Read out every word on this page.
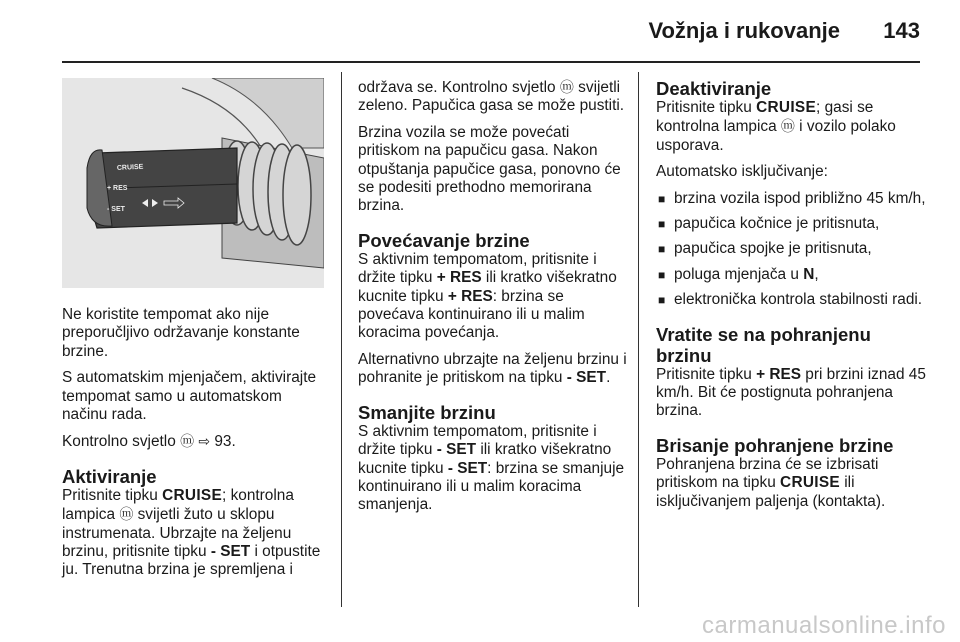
Vožnja i rukovanje 143
CRUISE
+ RES
- SET

Ne koristite tempomat ako nije preporučljivo održavanje konstante brzine.

S automatskim mjenjačem, aktivirajte tempomat samo u automatskom načinu rada.

Kontrolno svjetlo ⓜ ⇨ 93.

Aktiviranje

Pritisnite tipku CRUISE; kontrolna lampica ⓜ svijetli žuto u sklopu instrumenata. Ubrzajte na željenu brzinu, pritisnite tipku - SET i otpustite ju. Trenutna brzina je spremljena i

održava se. Kontrolno svjetlo ⓜ svijetli zeleno. Papučica gasa se može pustiti.

Brzina vozila se može povećati pritiskom na papučicu gasa. Nakon otpuštanja papučice gasa, ponovno će se podesiti prethodno memorirana brzina.

Povećavanje brzine

S aktivnim tempomatom, pritisnite i držite tipku + RES ili kratko višekratno kucnite tipku + RES: brzina se povećava kontinuirano ili u malim koracima povećanja.

Alternativno ubrzajte na željenu brzinu i pohranite je pritiskom na tipku - SET.

Smanjite brzinu

S aktivnim tempomatom, pritisnite i držite tipku - SET ili kratko višekratno kucnite tipku - SET: brzina se smanjuje kontinuirano ili u malim koracima smanjenja.

Deaktiviranje

Pritisnite tipku CRUISE; gasi se kontrolna lampica ⓜ i vozilo polako usporava.

Automatsko isključivanje:

■ brzina vozila ispod približno 45 km/h,
■ papučica kočnice je pritisnuta,
■ papučica spojke je pritisnuta,
■ poluga mjenjača u N,
■ elektronička kontrola stabilnosti radi.
Vratite se na pohranjenu brzinu

Pritisnite tipku + RES pri brzini iznad 45 km/h. Bit će postignuta pohranjena brzina.

Brisanje pohranjene brzine

Pohranjena brzina će se izbrisati pritiskom na tipku CRUISE ili isključivanjem paljenja (kontakta).

carmanualsonline.info
